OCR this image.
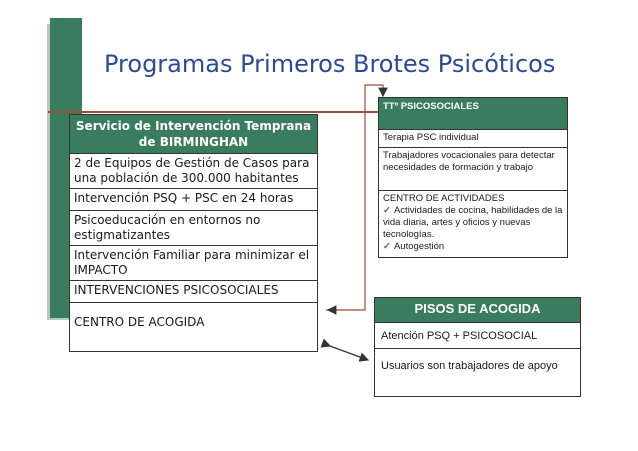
Programas Primeros Brotes Psicóticos
Servicio de Intervención Temprana de BIRMINGHAN
2 de Equipos de Gestión de Casos para una población de 300.000 habitantes
Intervención PSQ + PSC en 24 horas
Psicoeducación en entornos no estigmatizantes
Intervención Familiar para minimizar el IMPACTO
INTERVENCIONES PSICOSOCIALES
CENTRO DE ACOGIDA
TTº PSICOSOCIALES
Terapia PSC individual
Trabajadores vocacionales para detectar necesidades de formación y trabajo
CENTRO DE ACTIVIDADES
✓ Actividades de cocina, habilidades de la vida diaria, artes y oficios y nuevas tecnologías.
✓ Autogestión
PISOS DE ACOGIDA
Atención PSQ + PSICOSOCIAL
Usuarios son trabajadores de apoyo
